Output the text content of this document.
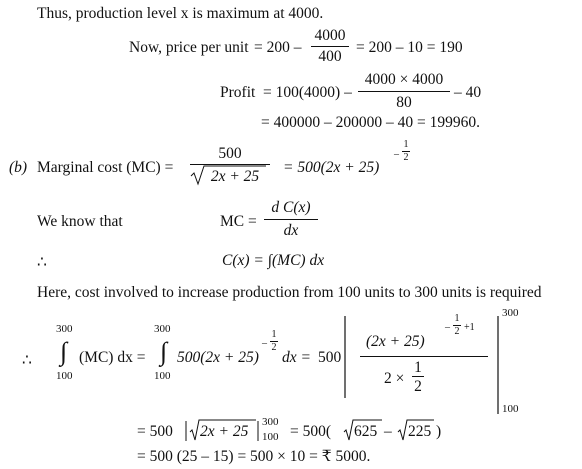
Thus, production level x is maximum at 4000.
Now, price per unit = 200 –
4000
400
= 200 – 10 = 190
Profit = 100(4000) –
4000 × 4000
80
– 40
= 400000 – 200000 – 40 = 199960.
(b) Marginal cost (MC) =
500
2x + 25
= 500(2x + 25)
–
1
2
We know that	MC =
d C(x)
dx
∴	C(x) = ∫(MC) dx
Here, cost involved to increase production from 100 units to 300 units is required
∴
300
∫
100
(MC) dx =
300
∫
100
500(2x + 25)
–
1
2
dx = 500
(2x + 25)
–
1
2 +1
2 ×
1
2
300
100
= 500 2x + 25
300
100 = 500( 625 – 225 )
= 500 (25 – 15) = 500 × 10 = ₹ 5000.
